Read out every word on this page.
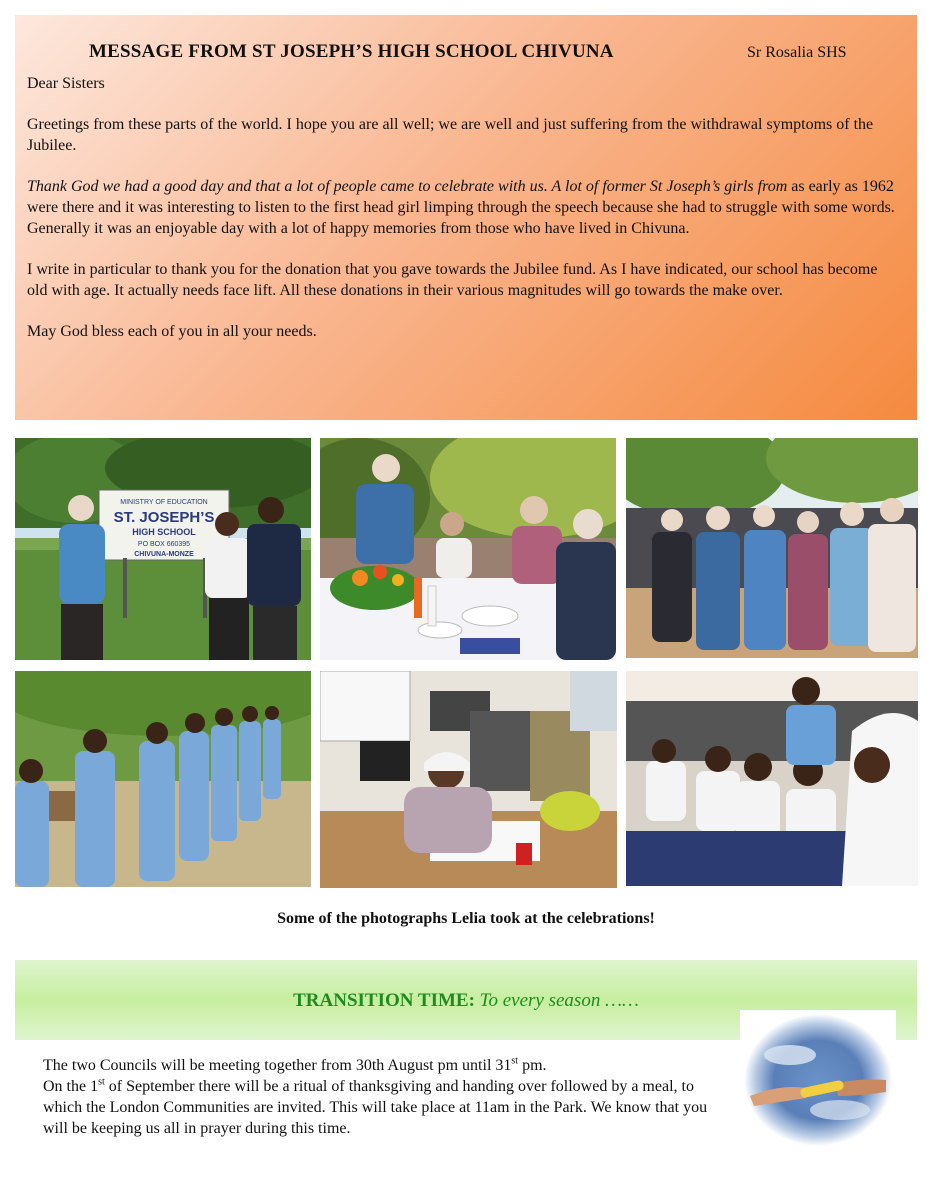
MESSAGE FROM ST JOSEPH’S HIGH SCHOOL CHIVUNA	Sr Rosalia SHS

Dear Sisters

Greetings from these parts of the world. I hope you are all well; we are well and just suffering from the withdrawal symptoms of the Jubilee.

Thank God we had a good day and that a lot of people came to celebrate with us. A lot of former St Joseph’s girls from as early as 1962 were there and it was interesting to listen to the first head girl limping through the speech because she had to struggle with some words. Generally it was an enjoyable day with a lot of happy memories from those who have lived in Chivuna.

I write in particular to thank you for the donation that you gave towards the Jubilee fund. As I have indicated, our school has become old with age. It actually needs face lift. All these donations in their various magnitudes will go towards the make over.

May God bless each of you in all your needs.

MINISTRY OF EDUCATION
ST. JOSEPH’S
HIGH SCHOOL
PO BOX 660395
CHIVUNA-MONZE
Some of the photographs Lelia took at the celebrations!
TRANSITION TIME: To every season ……

The two Councils will be meeting together from 30th August pm until 31st pm.

On the 1st of September there will be a ritual of thanksgiving and handing over followed by a meal, to which the London Communities are invited. This will take place at 11am in the Park. We know that you will be keeping us all in prayer during this time.
